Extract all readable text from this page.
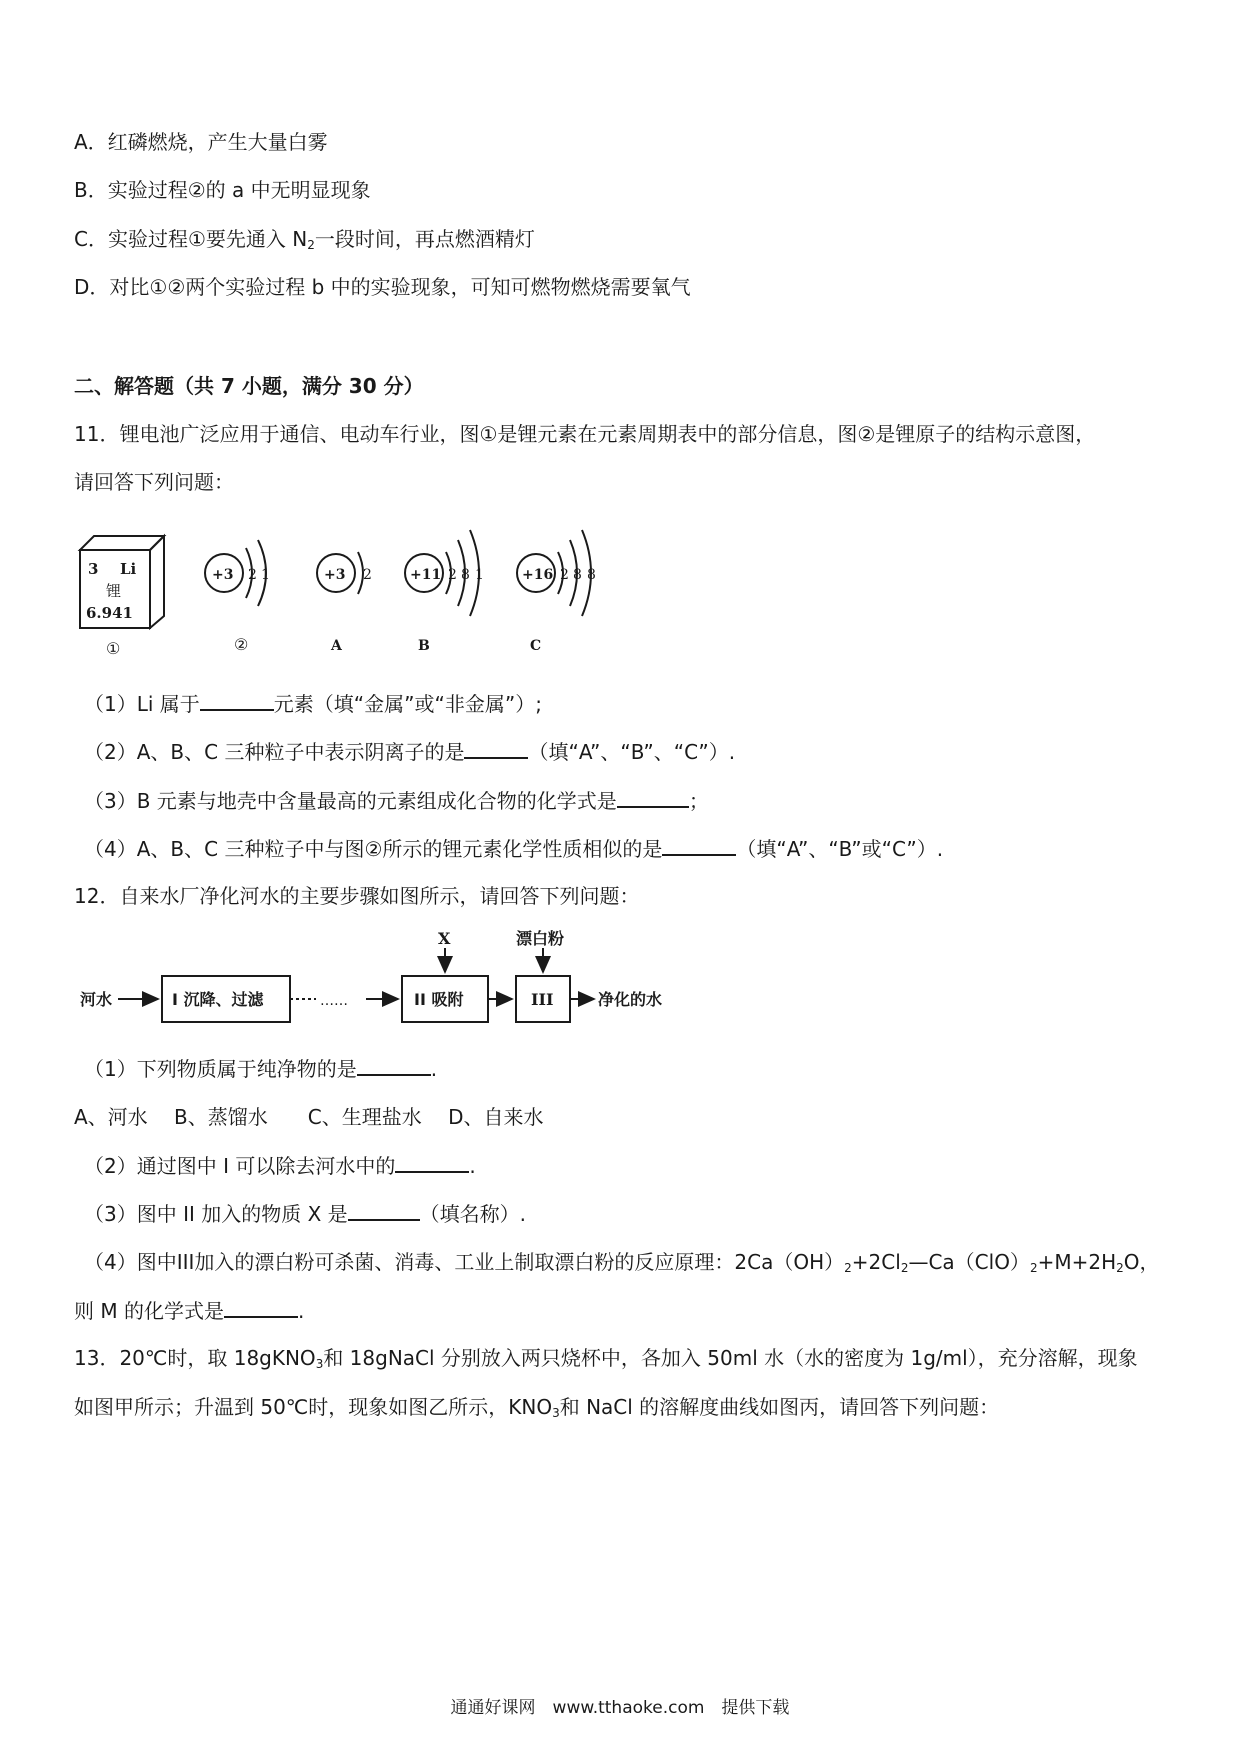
A．红磷燃烧，产生大量白雾
B．实验过程②的 a 中无明显现象
C．实验过程①要先通入 $N_2$一段时间，再点燃酒精灯
D．对比①②两个实验过程 b 中的实验现象，可知可燃物燃烧需要氧气
二、解答题（共 7 小题，满分 30 分）
11．锂电池广泛应用于通信、电动车行业，图①是锂元素在元素周期表中的部分信息，图②是锂原子的结构示意图，
请回答下列问题：
3 Li
锂
6.941
①
+3 2 1
②
+3 2
A
+11 2 8 1
B
+16 2 8 8
C
（1）Li 属于	元素（填“金属”或“非金属”）;
（2）A、B、C 三种粒子中表示阴离子的是	（填“A”、“B”、“C”）.
（3）B 元素与地壳中含量最高的元素组成化合物的化学式是	；
（4）A、B、C 三种粒子中与图②所示的锂元素化学性质相似的是	（填“A”、“B”或“C”）.
12．自来水厂净化河水的主要步骤如图所示，请回答下列问题：
河水	I 沉降、过滤	……	II 吸附
X
III
漂白粉
净化的水
（1）下列物质属于纯净物的是	.
A、河水　 B、蒸馏水　　C、生理盐水　 D、自来水
（2）通过图中 I 可以除去河水中的	.
（3）图中 II 加入的物质 X 是	（填名称）.
（4）图中III加入的漂白粉可杀菌、消毒、工业上制取漂白粉的反应原理：$2Ca(OH)_2+2Cl_2—Ca(ClO)_2+M+2H_2O$，
则 M 的化学式是	.
13．20℃时，取 18gKNO$_3$和 18gNaCl 分别放入两只烧杯中，各加入 50ml 水（水的密度为 1g/ml），充分溶解，现象
如图甲所示；升温到 50℃时，现象如图乙所示，$KNO_3$和 NaCl 的溶解度曲线如图丙，请回答下列问题：
通通好课网　www.tthaoke.com　提供下载
